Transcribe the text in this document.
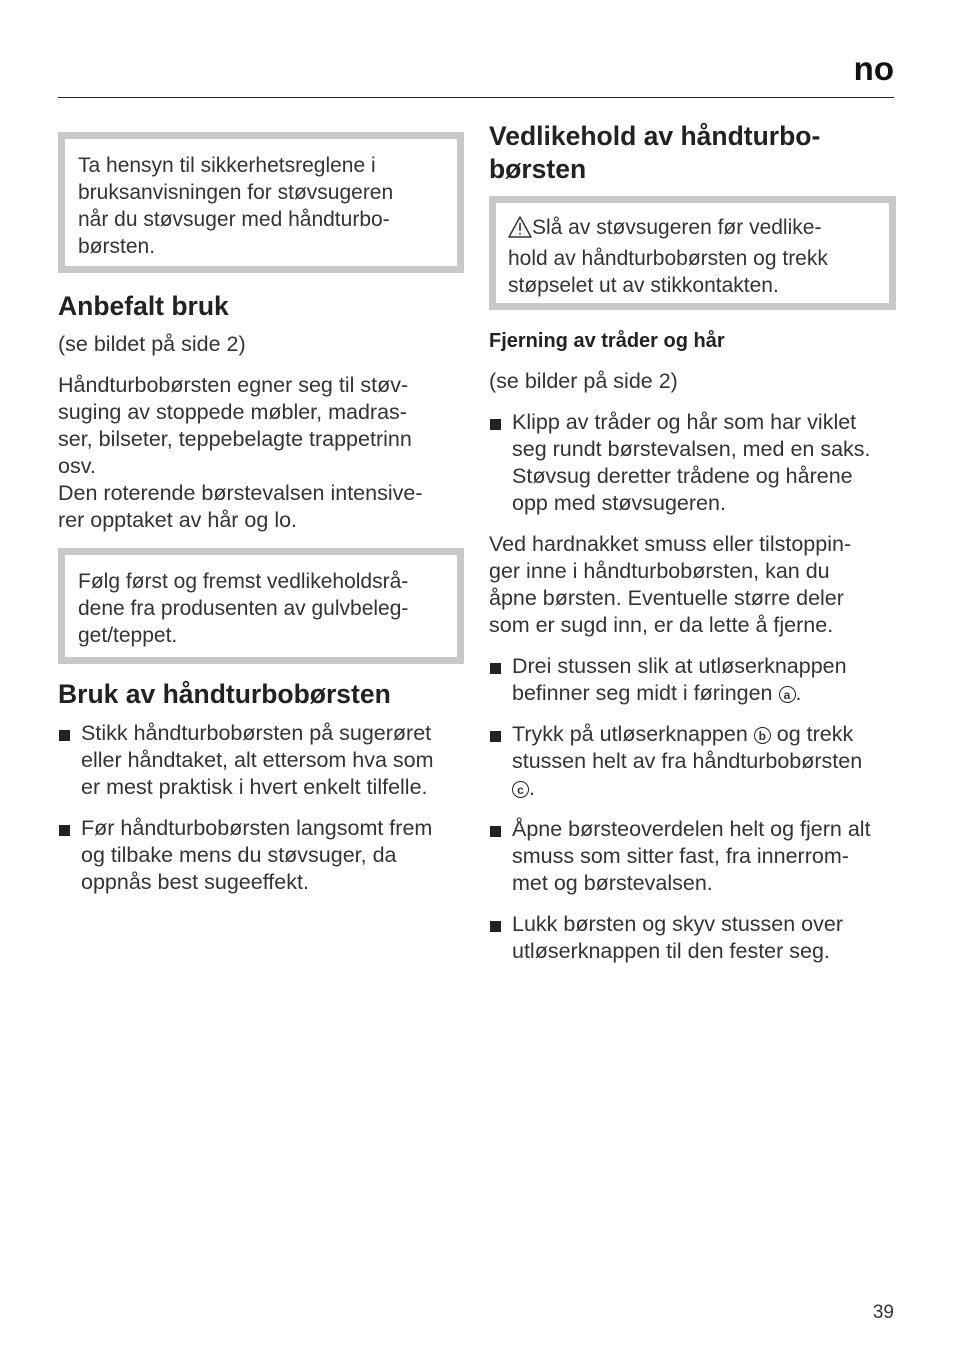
no
Ta hensyn til sikkerhetsreglene i
bruksanvisningen for støvsugeren
når du støvsuger med håndturbo-
børsten.
Anbefalt bruk

(se bildet på side 2)

Håndturbobørsten egner seg til støv-

suging av stoppede møbler, madras-

ser, bilseter, teppebelagte trappetrinn

osv.

Den roterende børstevalsen intensive-

rer opptaket av hår og lo.

Følg først og fremst vedlikeholdsrå-
dene fra produsenten av gulvbeleg-
get/teppet.
Bruk av håndturbobørsten
Stikk håndturbobørsten på sugerøret
eller håndtaket, alt ettersom hva som
er mest praktisk i hvert enkelt tilfelle.
Før håndturbobørsten langsomt frem
og tilbake mens du støvsuger, da
oppnås best sugeeffekt.
Vedlikehold av håndturbo-
børsten
Slå av støvsugeren før vedlike-
hold av håndturbobørsten og trekk
støpselet ut av stikkontakten.
Fjerning av tråder og hår

(se bilder på side 2)

Klipp av tråder og hår som har viklet
seg rundt børstevalsen, med en saks.
Støvsug deretter trådene og hårene
opp med støvsugeren.

Ved hardnakket smuss eller tilstoppin-

ger inne i håndturbobørsten, kan du

åpne børsten. Eventuelle større deler

som er sugd inn, er da lette å fjerne.

Drei stussen slik at utløserknappen
befinner seg midt i føringen a .
Trykk på utløserknappen b og trekk
stussen helt av fra håndturbobørsten
c .
Åpne børsteoverdelen helt og fjern alt
smuss som sitter fast, fra innerrom-
met og børstevalsen.
Lukk børsten og skyv stussen over
utløserknappen til den fester seg.
39
